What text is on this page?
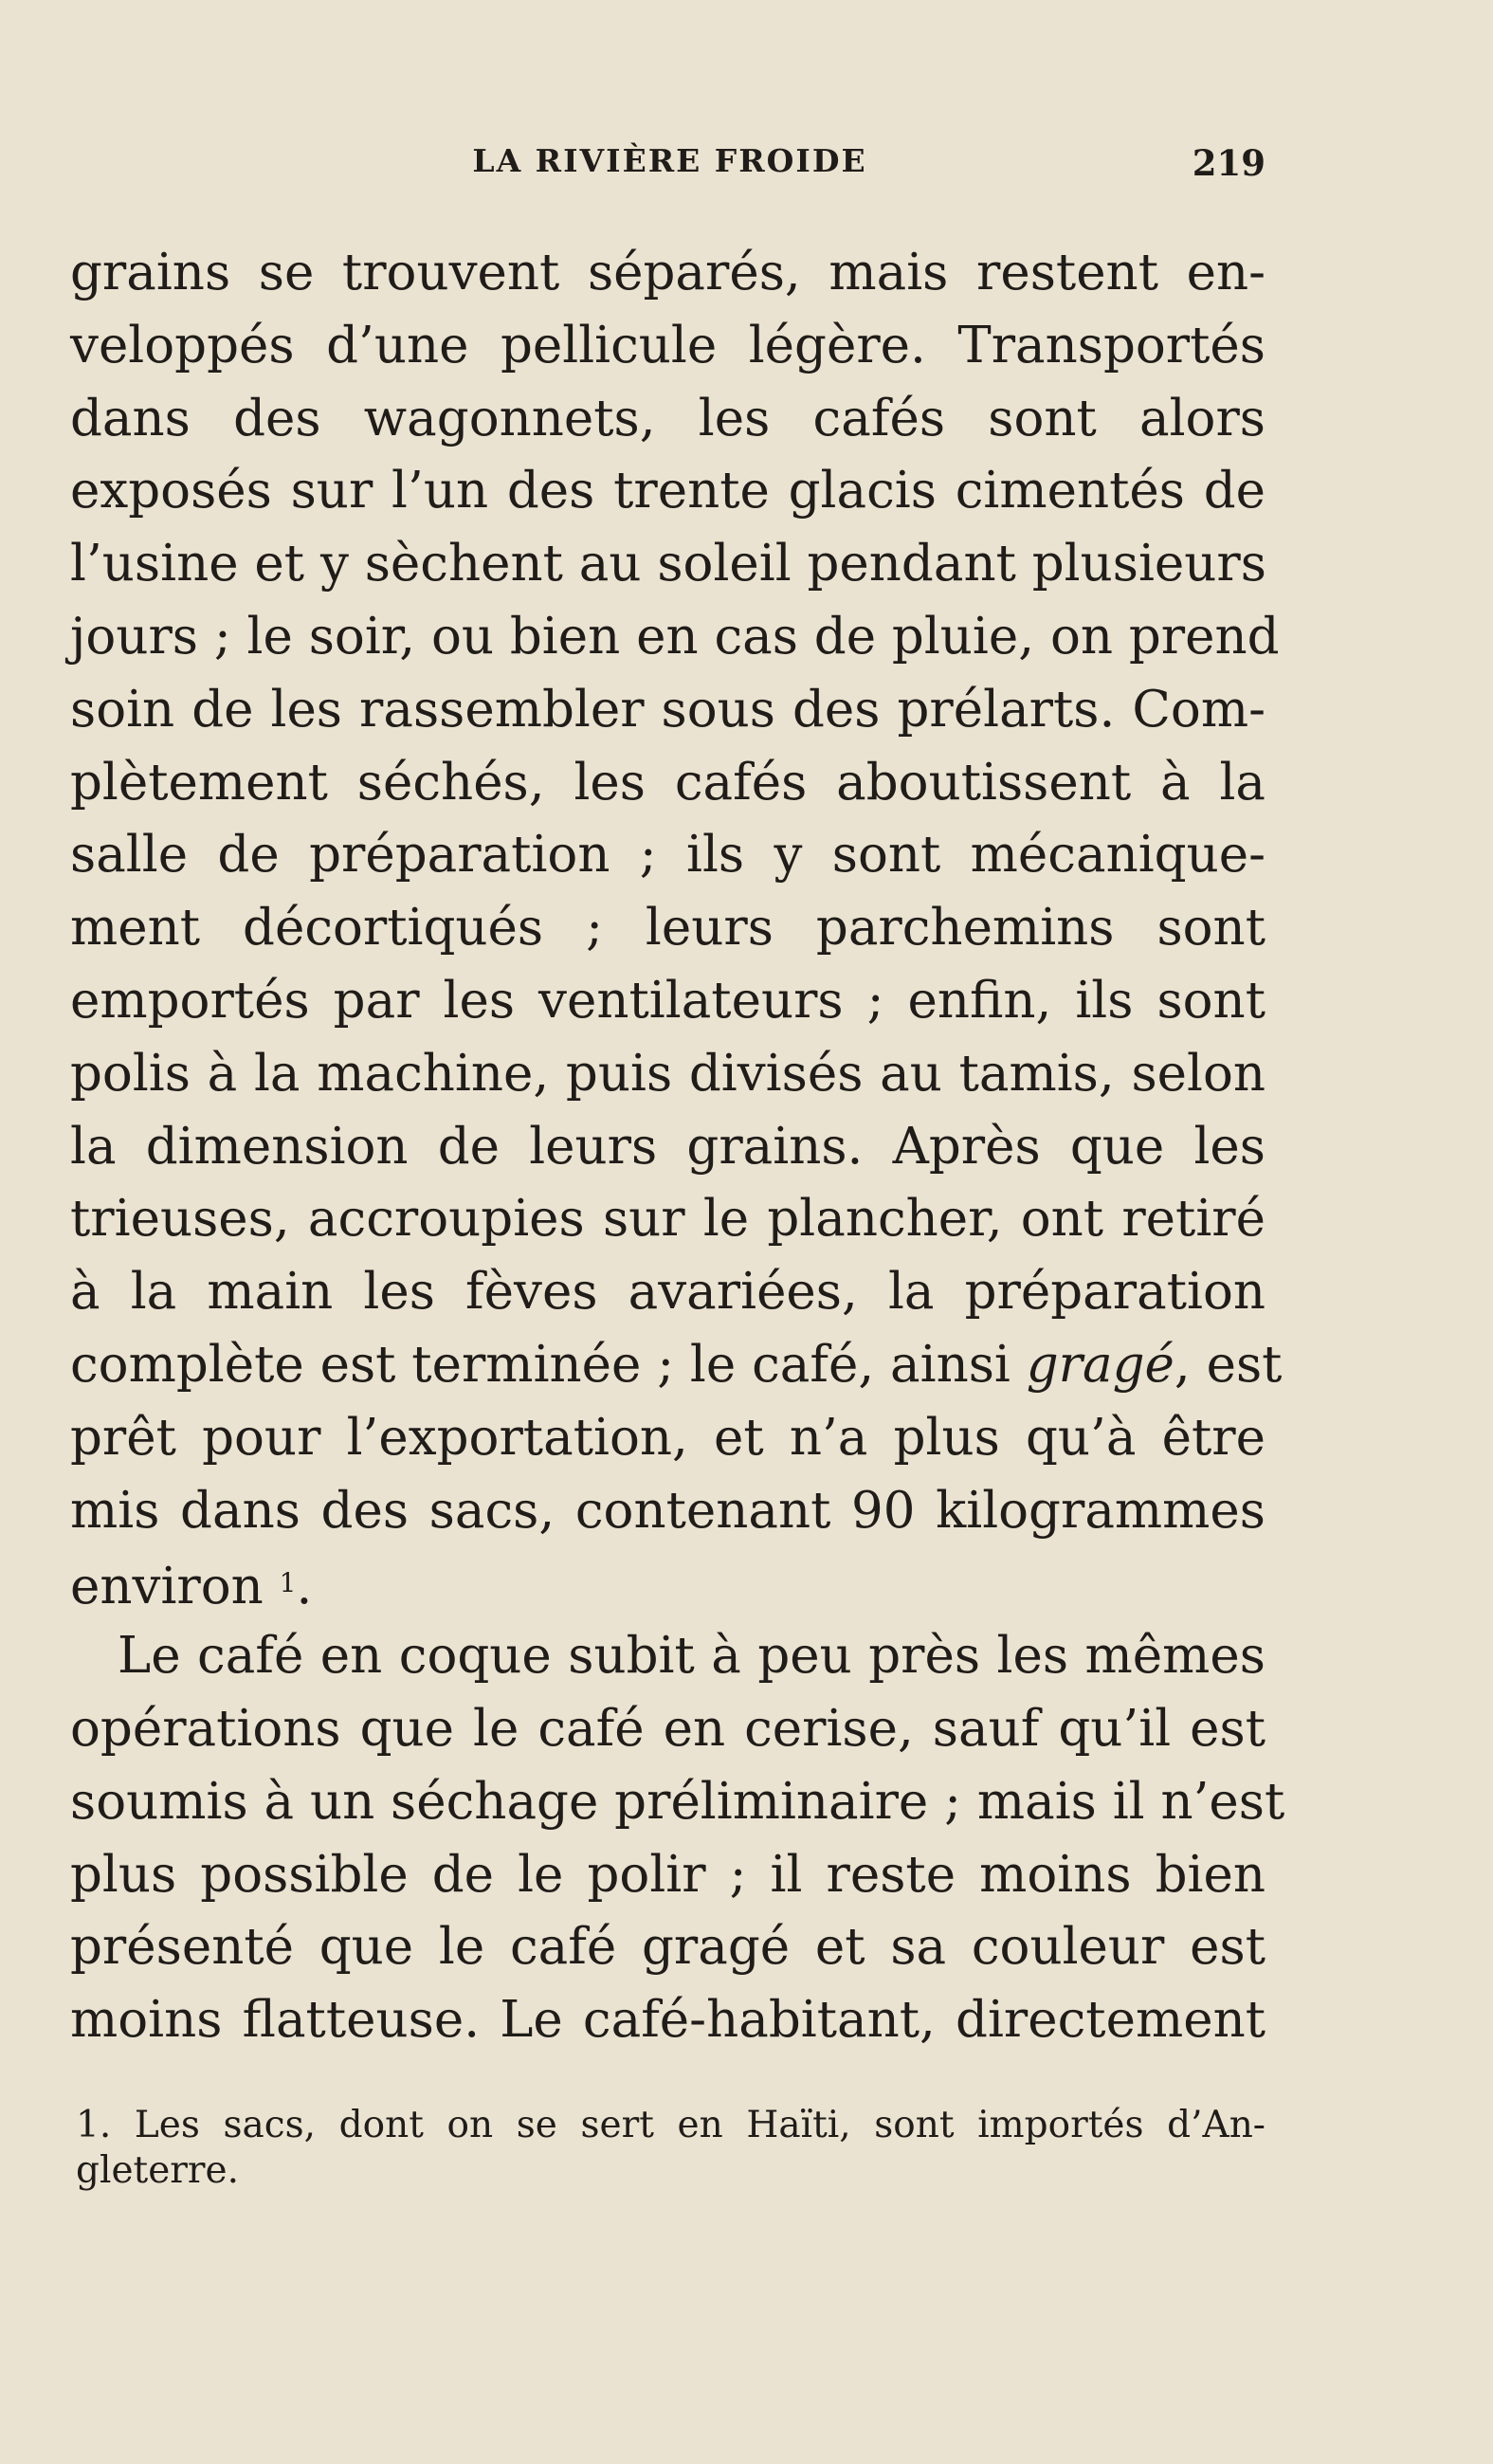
LA RIVIÈRE FROIDE	219
grains se trouvent séparés, mais restent en-
veloppés d’une pellicule légère. Transportés
dans des wagonnets, les cafés sont alors
exposés sur l’un des trente glacis cimentés de
l’usine et y sèchent au soleil pendant plusieurs
jours ; le soir, ou bien en cas de pluie, on prend
soin de les rassembler sous des prélarts. Com-
plètement séchés, les cafés aboutissent à la
salle de préparation ; ils y sont mécanique-
ment décortiqués ; leurs parchemins sont
emportés par les ventilateurs ; enfin, ils sont
polis à la machine, puis divisés au tamis, selon
la dimension de leurs grains. Après que les
trieuses, accroupies sur le plancher, ont retiré
à la main les fèves avariées, la préparation
complète est terminée ; le café, ainsi gragé, est
prêt pour l’exportation, et n’a plus qu’à être
mis dans des sacs, contenant 90 kilogrammes
environ $^1$.
Le café en coque subit à peu près les mêmes
opérations que le café en cerise, sauf qu’il est
soumis à un séchage préliminaire ; mais il n’est
plus possible de le polir ; il reste moins bien
présenté que le café gragé et sa couleur est
moins flatteuse. Le café-habitant, directement
1. Les sacs, dont on se sert en Haïti, sont importés d’An-
gleterre.
